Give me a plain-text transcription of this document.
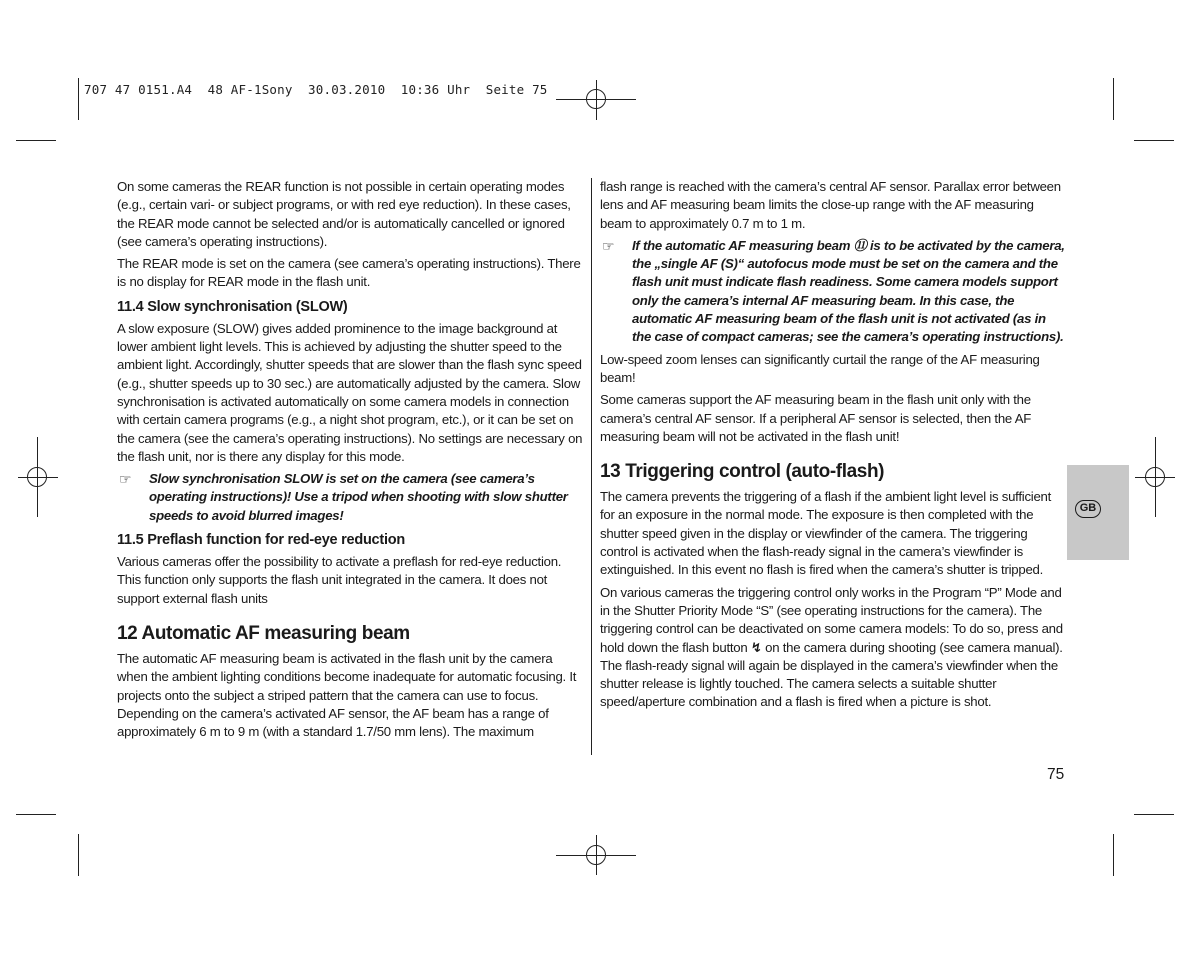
707 47 0151.A4  48 AF-1Sony  30.03.2010  10:36 Uhr  Seite 75

On some cameras the REAR function is not possible in certain operating modes (e.g., certain vari- or subject programs, or with red eye reduction). In these cases, the REAR mode cannot be selected and/or is automatically cancelled or ignored (see camera’s operating instructions).

The REAR mode is set on the camera (see camera’s operating instructions). There is no display for REAR mode in the flash unit.

11.4 Slow synchronisation (SLOW)

A slow exposure (SLOW) gives added prominence to the image background at lower ambient light levels. This is achieved by adjusting the shutter speed to the ambient light. Accordingly, shutter speeds that are slower than the flash sync speed (e.g., shutter speeds up to 30 sec.) are automatically adjusted by the camera. Slow synchronisation is activated automatically on some camera models in connection with certain camera programs (e.g., a night shot program, etc.), or it can be set on the camera (see the camera’s operating instructions). No settings are necessary on the flash unit, nor is there any display for this mode.

☞	Slow synchronisation SLOW is set on the camera (see camera’s operating instructions)! Use a tripod when shooting with slow shutter speeds to avoid blurred images!
11.5 Preflash function for red-eye reduction

Various cameras offer the possibility to activate a preflash for red-eye reduction. This function only supports the flash unit integrated in the camera. It does not support external flash units

12 Automatic AF measuring beam

The automatic AF measuring beam is activated in the flash unit by the camera when the ambient lighting conditions become inadequate for automatic focusing. It projects onto the subject a striped pattern that the camera can use to focus. Depending on the camera’s activated AF sensor, the AF beam has a range of approximately 6 m to 9 m (with a standard 1.7/50 mm lens). The maximum

flash range is reached with the camera’s central AF sensor. Parallax error between lens and AF measuring beam limits the close-up range with the AF measuring beam to approximately 0.7 m to 1 m.

☞	If the automatic AF measuring beam ⑪ is to be activated by the camera, the „single AF (S)“ autofocus mode must be set on the camera and the flash unit must indicate flash readiness. Some camera models support only the camera’s internal AF measuring beam. In this case, the automatic AF measuring beam of the flash unit is not activated (as in the case of compact cameras; see the camera’s operating instructions).

Low-speed zoom lenses can significantly curtail the range of the AF measuring beam!

Some cameras support the AF measuring beam in the flash unit only with the camera’s central AF sensor. If a peripheral AF sensor is selected, then the AF measuring beam will not be activated in the flash unit!

13 Triggering control (auto-flash)

The camera prevents the triggering of a flash if the ambient light level is sufficient for an exposure in the normal mode. The exposure is then completed with the shutter speed given in the display or viewfinder of the camera. The triggering control is activated when the flash-ready signal in the camera’s viewfinder is extinguished. In this event no flash is fired when the camera’s shutter is tripped.

On various cameras the triggering control only works in the Program “P” Mode and in the Shutter Priority Mode “S” (see operating instructions for the camera). The triggering control can be deactivated on some camera models: To do so, press and hold down the flash button ↯ on the camera during shooting (see camera manual). The flash-ready signal will again be displayed in the camera’s viewfinder when the shutter release is lightly touched. The camera selects a suitable shutter speed/aperture combination and a flash is fired when a picture is shot.

GB
75
